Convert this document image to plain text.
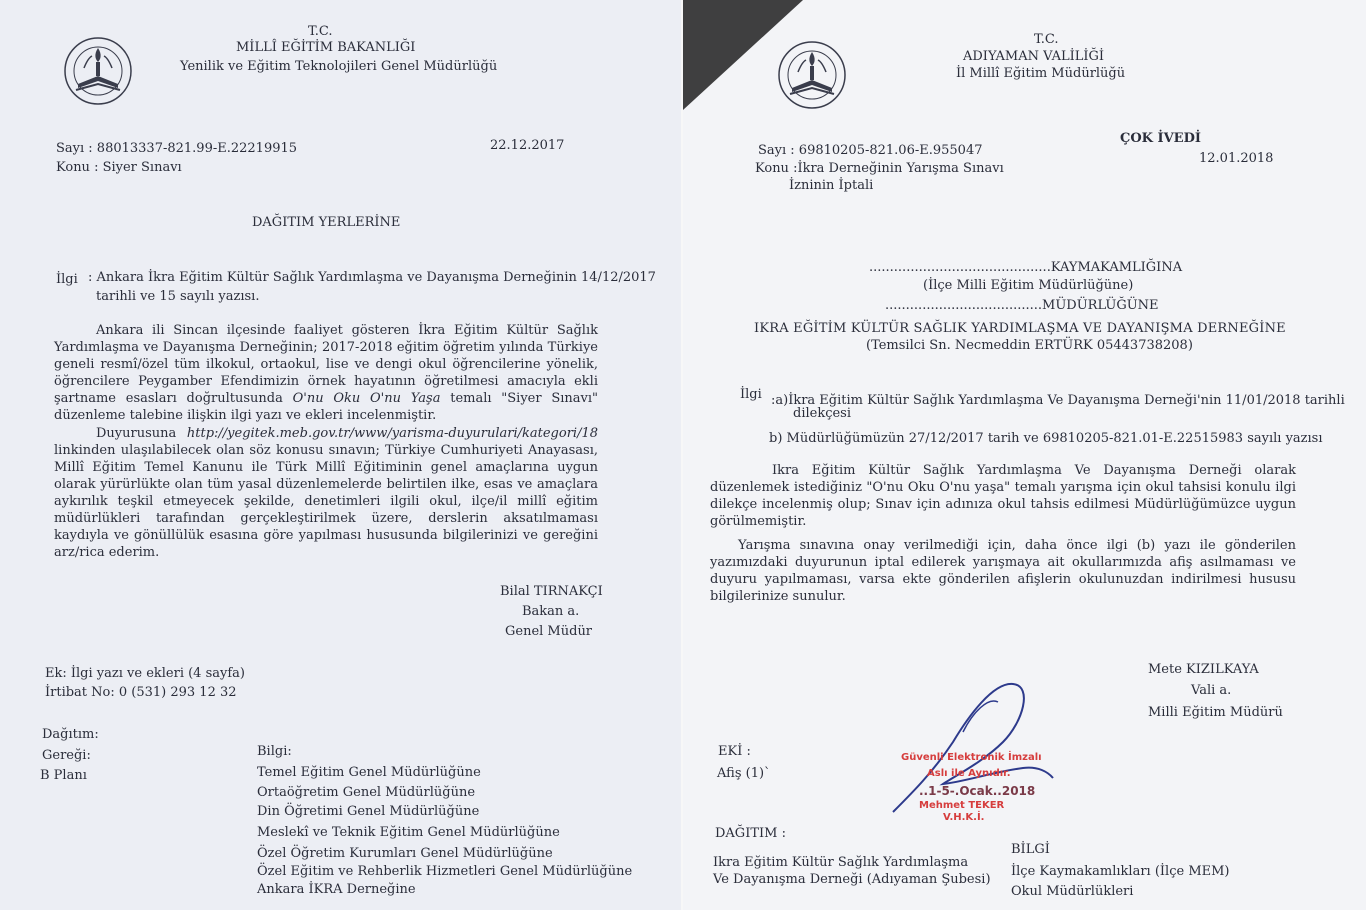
T.C.

MİLLÎ EĞİTİM BAKANLIĞI

Yenilik ve Eğitim Teknolojileri Genel Müdürlüğü

Sayı : 88013337-821.99-E.22219915	22.12.2017

Konu : Siyer Sınavı

DAĞITIM YERLERİNE

İlgi : Ankara İkra Eğitim Kültür Sağlık Yardımlaşma ve Dayanışma Derneğinin 14/12/2017

tarihli ve 15 sayılı yazısı.

Ankara ili Sincan ilçesinde faaliyet gösteren İkra Eğitim Kültür Sağlık Yardımlaşma ve Dayanışma Derneğinin; 2017-2018 eğitim öğretim yılında Türkiye geneli resmî/özel tüm ilkokul, ortaokul, lise ve dengi okul öğrencilerine yönelik, öğrencilere Peygamber Efendimizin örnek hayatının öğretilmesi amacıyla ekli şartname esasları doğrultusunda O'nu Oku O'nu Yaşa temalı "Siyer Sınavı" düzenleme talebine ilişkin ilgi yazı ve ekleri incelenmiştir.

Duyurusuna http://yegitek.meb.gov.tr/www/yarisma-duyurulari/kategori/18 linkinden ulaşılabilecek olan söz konusu sınavın; Türkiye Cumhuriyeti Anayasası, Millî Eğitim Temel Kanunu ile Türk Millî Eğitiminin genel amaçlarına uygun olarak yürürlükte olan tüm yasal düzenlemelerde belirtilen ilke, esas ve amaçlara aykırılık teşkil etmeyecek şekilde, denetimleri ilgili okul, ilçe/il millî eğitim müdürlükleri tarafından gerçekleştirilmek üzere, derslerin aksatılmaması kaydıyla ve gönüllülük esasına göre yapılması hususunda bilgilerinizi ve gereğini arz/rica ederim.

Bilal TIRNAKÇI

Bakan a.

Genel Müdür

Ek: İlgi yazı ve ekleri (4 sayfa)

İrtibat No: 0 (531) 293 12 32

Dağıtım:

Gereği:

B Planı

Bilgi:

Temel Eğitim Genel Müdürlüğüne

Ortaöğretim Genel Müdürlüğüne

Din Öğretimi Genel Müdürlüğüne

Meslekî ve Teknik Eğitim Genel Müdürlüğüne

Özel Öğretim Kurumları Genel Müdürlüğüne

Özel Eğitim ve Rehberlik Hizmetleri Genel Müdürlüğüne

Ankara İKRA Derneğine

T.C.

ADIYAMAN VALİLİĞİ

İl Millî Eğitim Müdürlüğü

ÇOK İVEDİ

Sayı : 69810205-821.06-E.955047

12.01.2018

Konu :İkra Derneğinin Yarışma Sınavı

İzninin İptali

............................................KAYMAKAMLIĞINA

(İlçe Milli Eğitim Müdürlüğüne)

......................................MÜDÜRLÜĞÜNE

IKRA EĞİTİM KÜLTÜR SAĞLIK YARDIMLAŞMA VE DAYANIŞMA DERNEĞİNE

(Temsilci Sn. Necmeddin ERTÜRK 05443738208)

İlgi :a)İkra Eğitim Kültür Sağlık Yardımlaşma Ve Dayanışma Derneği'nin 11/01/2018 tarihli

dilekçesi

b) Müdürlüğümüzün 27/12/2017 tarih ve 69810205-821.01-E.22515983 sayılı yazısı

Ikra Eğitim Kültür Sağlık Yardımlaşma Ve Dayanışma Derneği olarak düzenlemek istediğiniz "O'nu Oku O'nu yaşa" temalı yarışma için okul tahsisi konulu ilgi dilekçe incelenmiş olup; Sınav için adınıza okul tahsis edilmesi Müdürlüğümüzce uygun görülmemiştir.

Yarışma sınavına onay verilmediği için, daha önce ilgi (b) yazı ile gönderilen yazımızdaki duyurunun iptal edilerek yarışmaya ait okullarımızda afiş asılmaması ve duyuru yapılmaması, varsa ekte gönderilen afişlerin okulunuzdan indirilmesi hususu bilgilerinize sunulur.

Mete KIZILKAYA

Vali a.

Milli Eğitim Müdürü

EKİ :

Afiş (1)`

Güvenli Elektronik İmzalı
Aslı ile Aynıdır.
..1-5-.Ocak..2018
Mehmet TEKER
V.H.K.İ.

DAĞITIM :

Ikra Eğitim Kültür Sağlık Yardımlaşma

Ve Dayanışma Derneği (Adıyaman Şubesi)

BİLGİ

İlçe Kaymakamlıkları (İlçe MEM)

Okul Müdürlükleri
